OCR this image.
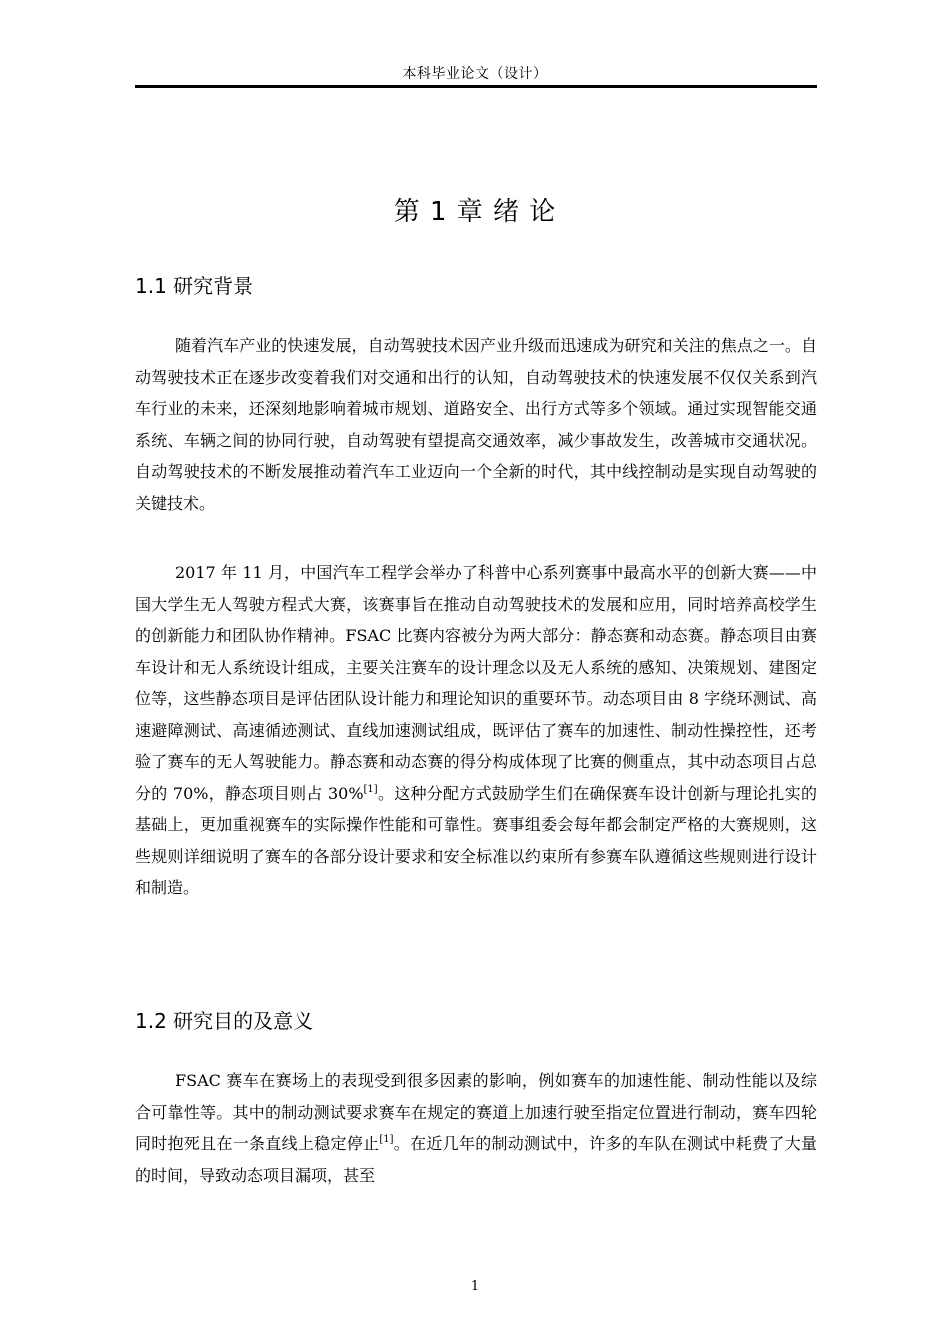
本科毕业论文（设计）
第 1 章 绪 论
1.1 研究背景

随着汽车产业的快速发展，自动驾驶技术因产业升级而迅速成为研究和关注的焦点之一。自动驾驶技术正在逐步改变着我们对交通和出行的认知，自动驾驶技术的快速发展不仅仅关系到汽车行业的未来，还深刻地影响着城市规划、道路安全、出行方式等多个领域。通过实现智能交通系统、车辆之间的协同行驶，自动驾驶有望提高交通效率，减少事故发生，改善城市交通状况。自动驾驶技术的不断发展推动着汽车工业迈向一个全新的时代，其中线控制动是实现自动驾驶的关键技术。

2017 年 11 月，中国汽车工程学会举办了科普中心系列赛事中最高水平的创新大赛——中国大学生无人驾驶方程式大赛，该赛事旨在推动自动驾驶技术的发展和应用，同时培养高校学生的创新能力和团队协作精神。FSAC 比赛内容被分为两大部分：静态赛和动态赛。静态项目由赛车设计和无人系统设计组成，主要关注赛车的设计理念以及无人系统的感知、决策规划、建图定位等，这些静态项目是评估团队设计能力和理论知识的重要环节。动态项目由 8 字绕环测试、高速避障测试、高速循迹测试、直线加速测试组成，既评估了赛车的加速性、制动性操控性，还考验了赛车的无人驾驶能力。静态赛和动态赛的得分构成体现了比赛的侧重点，其中动态项目占总分的 70%，静态项目则占 30%[1]。这种分配方式鼓励学生们在确保赛车设计创新与理论扎实的基础上，更加重视赛车的实际操作性能和可靠性。赛事组委会每年都会制定严格的大赛规则，这些规则详细说明了赛车的各部分设计要求和安全标准以约束所有参赛车队遵循这些规则进行设计和制造。

1.2 研究目的及意义

FSAC 赛车在赛场上的表现受到很多因素的影响，例如赛车的加速性能、制动性能以及综合可靠性等。其中的制动测试要求赛车在规定的赛道上加速行驶至指定位置进行制动，赛车四轮同时抱死且在一条直线上稳定停止[1]。在近几年的制动测试中，许多的车队在测试中耗费了大量的时间，导致动态项目漏项，甚至

1
